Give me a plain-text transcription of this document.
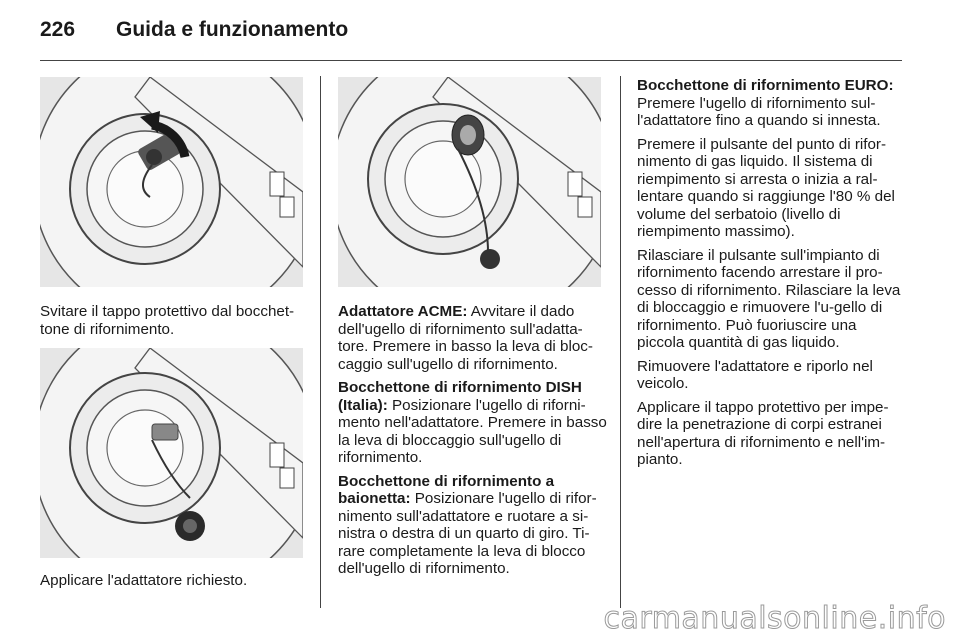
226 Guida e funzionamento
Svitare il tappo protettivo dal bocchet-tone di rifornimento.
Applicare l'adattatore richiesto.

Adattatore ACME: Avvitare il dado dell'ugello di rifornimento sull'adatta-tore. Premere in basso la leva di bloc-caggio sull'ugello di rifornimento.

Bocchettone di rifornimento DISH (Italia): Posizionare l'ugello di riforni-mento nell'adattatore. Premere in basso la leva di bloccaggio sull'ugello di rifornimento.

Bocchettone di rifornimento a baionetta: Posizionare l'ugello di rifor-nimento sull'adattatore e ruotare a si-nistra o destra di un quarto di giro. Ti-rare completamente la leva di blocco dell'ugello di rifornimento.

Bocchettone di rifornimento EURO: Premere l'ugello di rifornimento sul-l'adattatore fino a quando si innesta.

Premere il pulsante del punto di rifor-nimento di gas liquido. Il sistema di riempimento si arresta o inizia a ral-lentare quando si raggiunge l'80 % del volume del serbatoio (livello di riempimento massimo).

Rilasciare il pulsante sull'impianto di rifornimento facendo arrestare il pro-cesso di rifornimento. Rilasciare la leva di bloccaggio e rimuovere l'u-gello di rifornimento. Può fuoriuscire una piccola quantità di gas liquido.

Rimuovere l'adattatore e riporlo nel veicolo.

Applicare il tappo protettivo per impe-dire la penetrazione di corpi estranei nell'apertura di rifornimento e nell'im-pianto.

carmanualsonline.info
